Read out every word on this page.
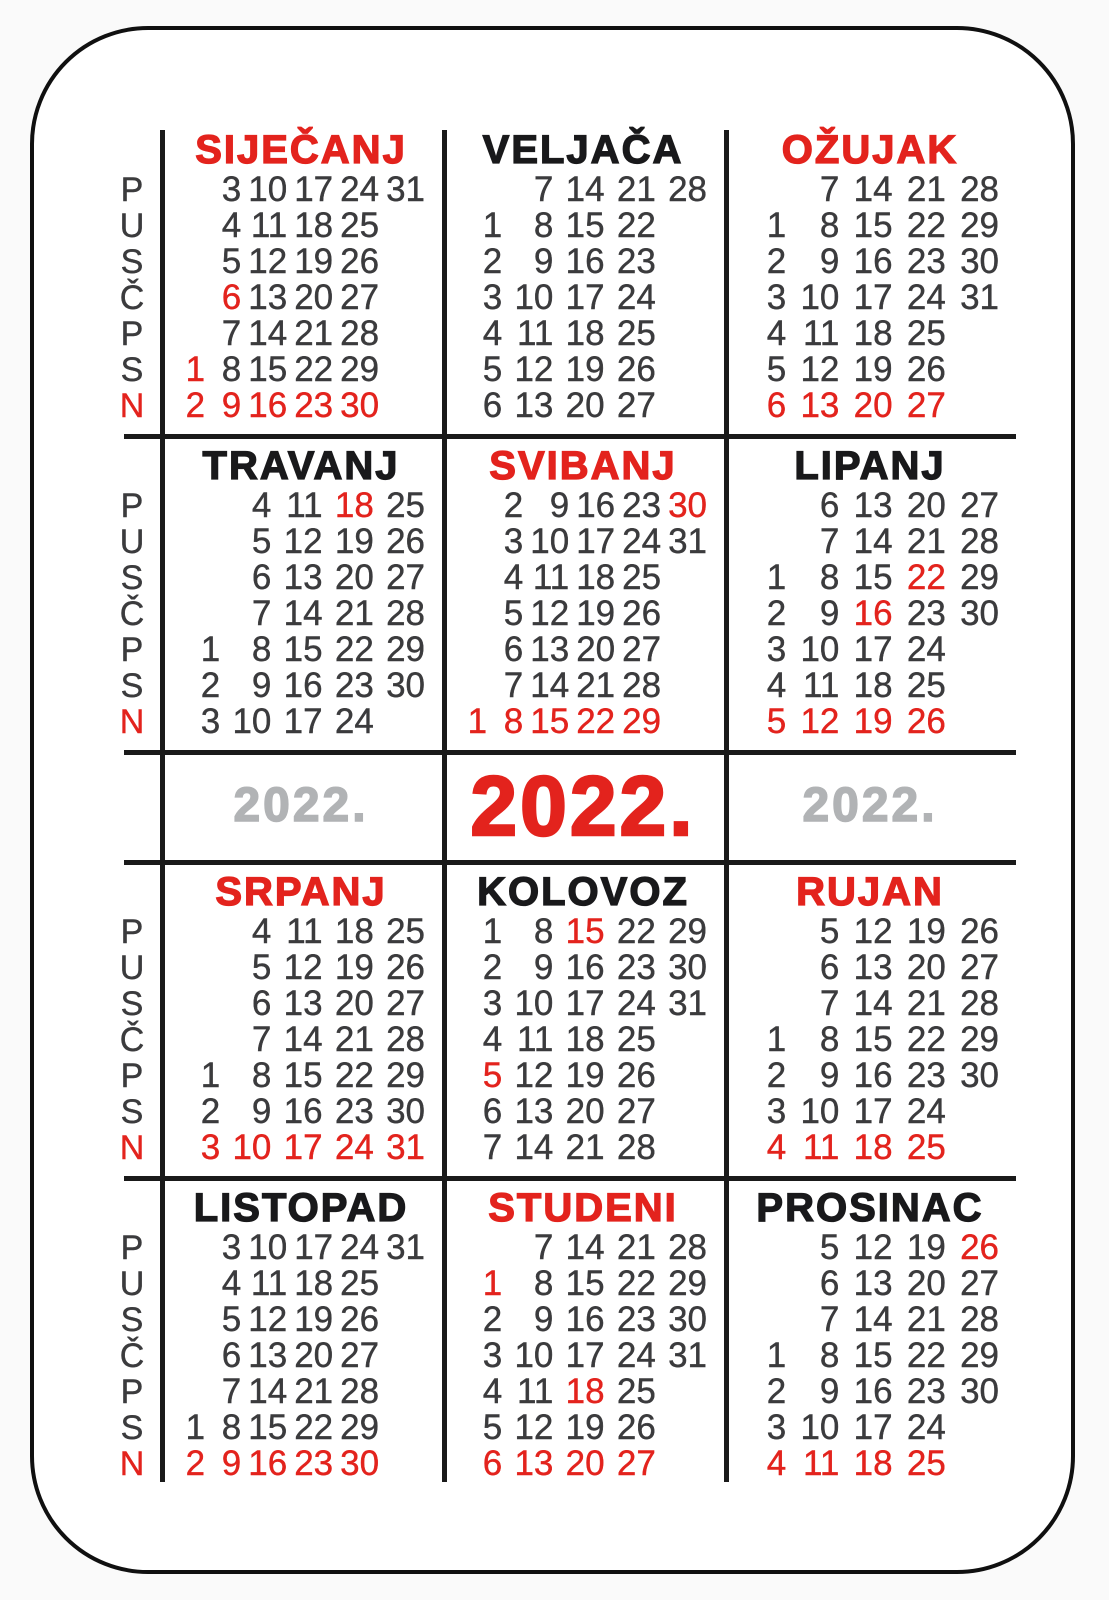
P
U
S
Č
P
S
N
SIJEČANJ
3 10 17 24 31
4 11 18 25
5 12 19 26
6 13 20 27
7 14 21 28
1 8 15 22 29
2 9 16 23 30
VELJAČA
7 14 21 28
1 8 15 22
2 9 16 23
3 10 17 24
4 11 18 25
5 12 19 26
6 13 20 27
OŽUJAK
7 14 21 28
1 8 15 22 29
2 9 16 23 30
3 10 17 24 31
4 11 18 25
5 12 19 26
6 13 20 27
P
U
S
Č
P
S
N
TRAVANJ
4 11 18 25
5 12 19 26
6 13 20 27
7 14 21 28
1 8 15 22 29
2 9 16 23 30
3 10 17 24
SVIBANJ
2 9 16 23 30
3 10 17 24 31
4 11 18 25
5 12 19 26
6 13 20 27
7 14 21 28
1 8 15 22 29
LIPANJ
6 13 20 27
7 14 21 28
1 8 15 22 29
2 9 16 23 30
3 10 17 24
4 11 18 25
5 12 19 26
2022.	2022.	2022.
P
U
S
Č
P
S
N
SRPANJ
4 11 18 25
5 12 19 26
6 13 20 27
7 14 21 28
1 8 15 22 29
2 9 16 23 30
3 10 17 24 31
KOLOVOZ
1 8 15 22 29
2 9 16 23 30
3 10 17 24 31
4 11 18 25
5 12 19 26
6 13 20 27
7 14 21 28
RUJAN
5 12 19 26
6 13 20 27
7 14 21 28
1 8 15 22 29
2 9 16 23 30
3 10 17 24
4 11 18 25
P
U
S
Č
P
S
N
LISTOPAD
3 10 17 24 31
4 11 18 25
5 12 19 26
6 13 20 27
7 14 21 28
1 8 15 22 29
2 9 16 23 30
STUDENI
7 14 21 28
1 8 15 22 29
2 9 16 23 30
3 10 17 24 31
4 11 18 25
5 12 19 26
6 13 20 27
PROSINAC
5 12 19 26
6 13 20 27
7 14 21 28
1 8 15 22 29
2 9 16 23 30
3 10 17 24
4 11 18 25
